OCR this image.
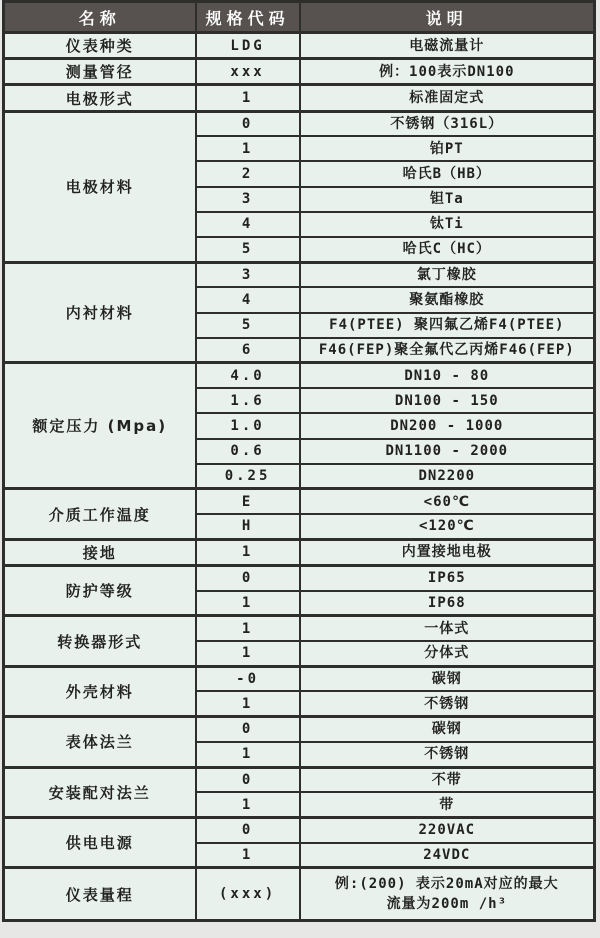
名称	规格代码	说明
仪表种类	LDG	电磁流量计
测量管径	xxx	例：100表示DN100
电极形式	1	标准固定式
电极材料	0	不锈钢（316L）
	1	铂PT
	2	哈氏B（HB）
	3	钽Ta
	4	钛Ti
	5	哈氏C（HC）
内衬材料	3	氯丁橡胶
	4	聚氨酯橡胶
	5	F4(PTEE) 聚四氟乙烯F4(PTEE)
	6	F46(FEP)聚全氟代乙丙烯F46(FEP)
额定压力 (Mpa)	4.0	DN10 - 80
	1.6	DN100 - 150
	1.0	DN200 - 1000
	0.6	DN1100 - 2000
	0.25	DN2200
介质工作温度	E	<60℃
	H	<120℃
接地	1	内置接地电极
防护等级	0	IP65
	1	IP68
转换器形式	1	一体式
	1	分体式
外壳材料	-0	碳钢
	1	不锈钢
表体法兰	0	碳钢
	1	不锈钢
安装配对法兰	0	不带
	1	带
供电电源	0	220VAC
	1	24VDC
仪表量程	(xxx)	例:(200) 表示20mA对应的最大
流量为200m /h³
